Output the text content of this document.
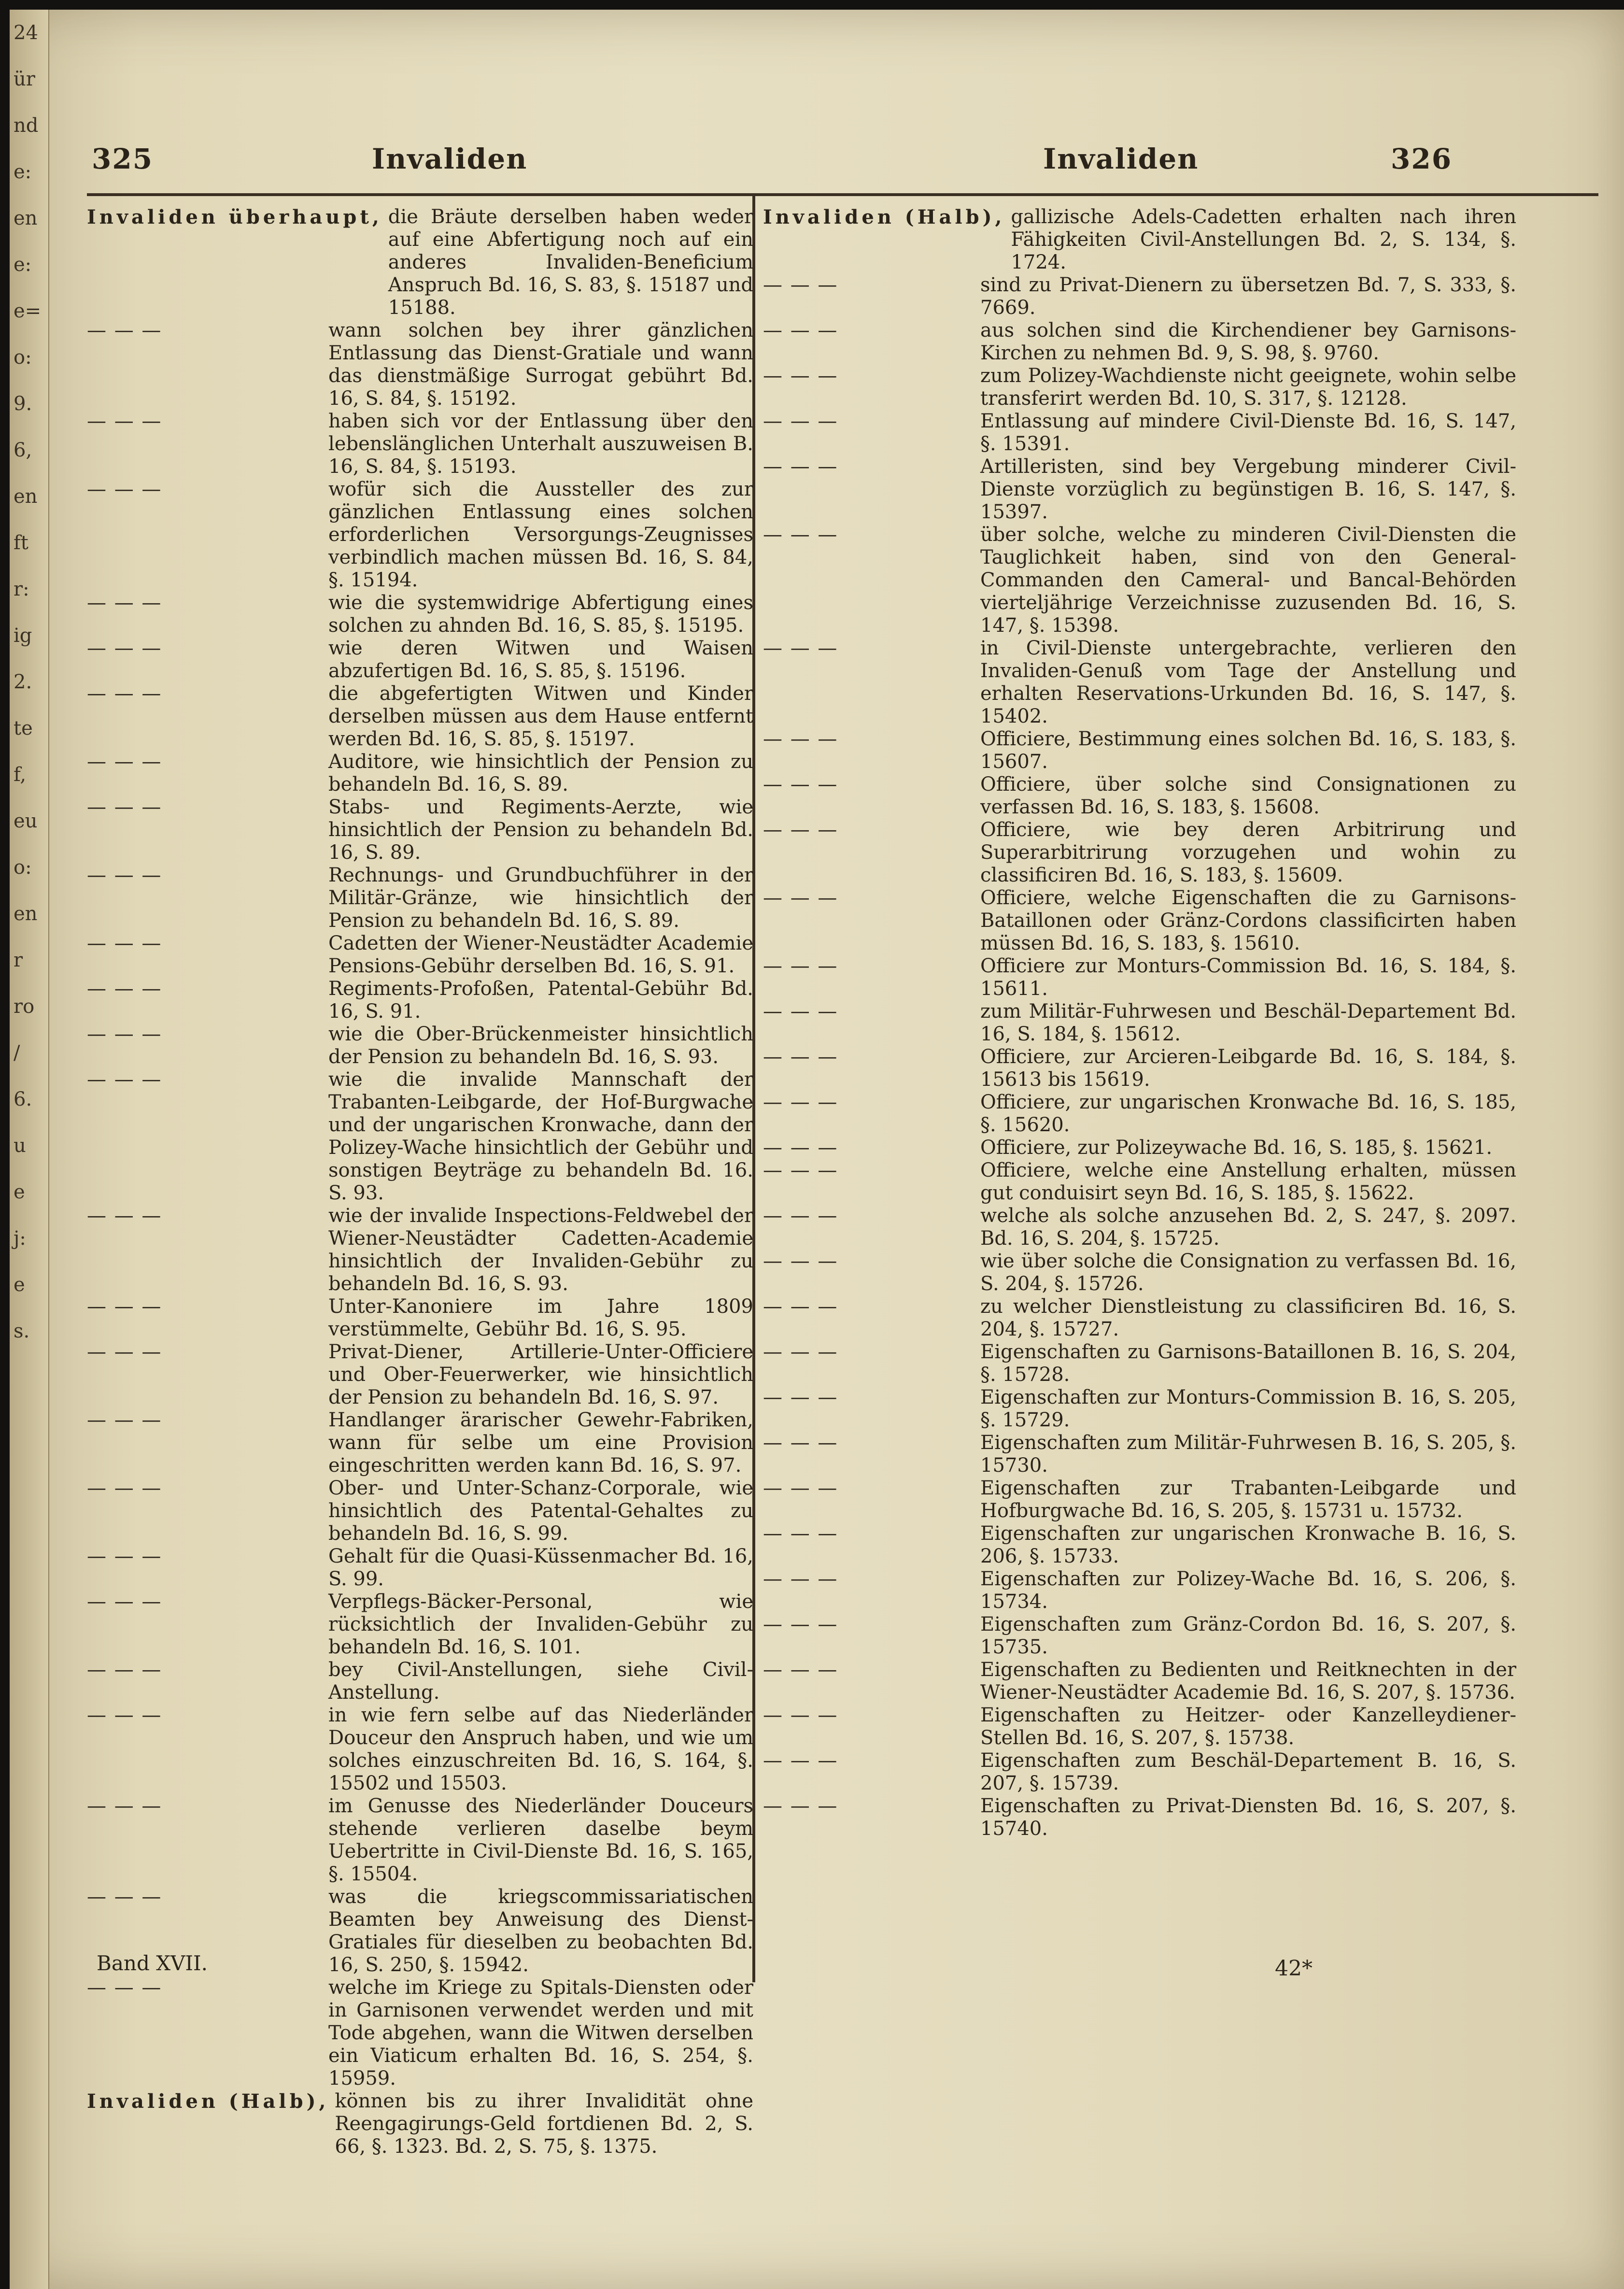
24
ür
nd
e:
en
e:
e=
o:
9.
6,
en
ft
r:
ig
2.
te
f,
eu
o:
en
r
ro
/
6.
u
e
j:
e
s.
325	Invaliden	Invaliden	326
Invaliden überhaupt, die Bräute derselben haben weder auf eine Abfertigung noch auf ein anderes Invaliden-Beneficium Anspruch Bd. 16, S. 83, §. 15187 und 15188.
— — —	wann solchen bey ihrer gänzlichen Entlassung das Dienst-Gratiale und wann das dienstmäßige Surrogat gebührt Bd. 16, S. 84, §. 15192.
— — —	haben sich vor der Entlassung über den lebenslänglichen Unterhalt auszuweisen B. 16, S. 84, §. 15193.
— — —	wofür sich die Aussteller des zur gänzlichen Entlassung eines solchen erforderlichen Versorgungs-Zeugnisses verbindlich machen müssen Bd. 16, S. 84, §. 15194.
— — —	wie die systemwidrige Abfertigung eines solchen zu ahnden Bd. 16, S. 85, §. 15195.
— — —	wie deren Witwen und Waisen abzufertigen Bd. 16, S. 85, §. 15196.
— — —	die abgefertigten Witwen und Kinder derselben müssen aus dem Hause entfernt werden Bd. 16, S. 85, §. 15197.
— — —	Auditore, wie hinsichtlich der Pension zu behandeln Bd. 16, S. 89.
— — —	Stabs- und Regiments-Aerzte, wie hinsichtlich der Pension zu behandeln Bd. 16, S. 89.
— — —	Rechnungs- und Grundbuchführer in der Militär-Gränze, wie hinsichtlich der Pension zu behandeln Bd. 16, S. 89.
— — —	Cadetten der Wiener-Neustädter Academie Pensions-Gebühr derselben Bd. 16, S. 91.
— — —	Regiments-Profoßen, Patental-Gebühr Bd. 16, S. 91.
— — —	wie die Ober-Brückenmeister hinsichtlich der Pension zu behandeln Bd. 16, S. 93.
— — —	wie die invalide Mannschaft der Trabanten-Leibgarde, der Hof-Burgwache und der ungarischen Kronwache, dann der Polizey-Wache hinsichtlich der Gebühr und sonstigen Beyträge zu behandeln Bd. 16. S. 93.
— — —	wie der invalide Inspections-Feldwebel der Wiener-Neustädter Cadetten-Academie hinsichtlich der Invaliden-Gebühr zu behandeln Bd. 16, S. 93.
— — —	Unter-Kanoniere im Jahre 1809 verstümmelte, Gebühr Bd. 16, S. 95.
— — —	Privat-Diener, Artillerie-Unter-Officiere und Ober-Feuerwerker, wie hinsichtlich der Pension zu behandeln Bd. 16, S. 97.
— — —	Handlanger ärarischer Gewehr-Fabriken, wann für selbe um eine Provision eingeschritten werden kann Bd. 16, S. 97.
— — —	Ober- und Unter-Schanz-Corporale, wie hinsichtlich des Patental-Gehaltes zu behandeln Bd. 16, S. 99.
— — —	Gehalt für die Quasi-Küssenmacher Bd. 16, S. 99.
— — —	Verpflegs-Bäcker-Personal, wie rücksichtlich der Invaliden-Gebühr zu behandeln Bd. 16, S. 101.
— — —	bey Civil-Anstellungen, siehe Civil-Anstellung.
— — —	in wie fern selbe auf das Niederländer Douceur den Anspruch haben, und wie um solches einzuschreiten Bd. 16, S. 164, §. 15502 und 15503.
— — —	im Genusse des Niederländer Douceurs stehende verlieren daselbe beym Uebertritte in Civil-Dienste Bd. 16, S. 165, §. 15504.
— — —	was die kriegscommissariatischen Beamten bey Anweisung des Dienst-Gratiales für dieselben zu beobachten Bd. 16, S. 250, §. 15942.
— — —	welche im Kriege zu Spitals-Diensten oder in Garnisonen verwendet werden und mit Tode abgehen, wann die Witwen derselben ein Viaticum erhalten Bd. 16, S. 254, §. 15959.
Invaliden (Halb), können bis zu ihrer Invalidität ohne Reengagirungs-Geld fortdienen Bd. 2, S. 66, §. 1323. Bd. 2, S. 75, §. 1375.
Invaliden (Halb), gallizische Adels-Cadetten erhalten nach ihren Fähigkeiten Civil-Anstellungen Bd. 2, S. 134, §. 1724.
— — —	sind zu Privat-Dienern zu übersetzen Bd. 7, S. 333, §. 7669.
— — —	aus solchen sind die Kirchendiener bey Garnisons-Kirchen zu nehmen Bd. 9, S. 98, §. 9760.
— — —	zum Polizey-Wachdienste nicht geeignete, wohin selbe transferirt werden Bd. 10, S. 317, §. 12128.
— — —	Entlassung auf mindere Civil-Dienste Bd. 16, S. 147, §. 15391.
— — —	Artilleristen, sind bey Vergebung minderer Civil-Dienste vorzüglich zu begünstigen B. 16, S. 147, §. 15397.
— — —	über solche, welche zu minderen Civil-Diensten die Tauglichkeit haben, sind von den General-Commanden den Cameral- und Bancal-Behörden vierteljährige Verzeichnisse zuzusenden Bd. 16, S. 147, §. 15398.
— — —	in Civil-Dienste untergebrachte, verlieren den Invaliden-Genuß vom Tage der Anstellung und erhalten Reservations-Urkunden Bd. 16, S. 147, §. 15402.
— — —	Officiere, Bestimmung eines solchen Bd. 16, S. 183, §. 15607.
— — —	Officiere, über solche sind Consignationen zu verfassen Bd. 16, S. 183, §. 15608.
— — —	Officiere, wie bey deren Arbitrirung und Superarbitrirung vorzugehen und wohin zu classificiren Bd. 16, S. 183, §. 15609.
— — —	Officiere, welche Eigenschaften die zu Garnisons-Bataillonen oder Gränz-Cordons classificirten haben müssen Bd. 16, S. 183, §. 15610.
— — —	Officiere zur Monturs-Commission Bd. 16, S. 184, §. 15611.
— — —	zum Militär-Fuhrwesen und Beschäl-Departement Bd. 16, S. 184, §. 15612.
— — —	Officiere, zur Arcieren-Leibgarde Bd. 16, S. 184, §. 15613 bis 15619.
— — —	Officiere, zur ungarischen Kronwache Bd. 16, S. 185, §. 15620.
— — —	Officiere, zur Polizeywache Bd. 16, S. 185, §. 15621.
— — —	Officiere, welche eine Anstellung erhalten, müssen gut conduisirt seyn Bd. 16, S. 185, §. 15622.
— — —	welche als solche anzusehen Bd. 2, S. 247, §. 2097. Bd. 16, S. 204, §. 15725.
— — —	wie über solche die Consignation zu verfassen Bd. 16, S. 204, §. 15726.
— — —	zu welcher Dienstleistung zu classificiren Bd. 16, S. 204, §. 15727.
— — —	Eigenschaften zu Garnisons-Bataillonen B. 16, S. 204, §. 15728.
— — —	Eigenschaften zur Monturs-Commission B. 16, S. 205, §. 15729.
— — —	Eigenschaften zum Militär-Fuhrwesen B. 16, S. 205, §. 15730.
— — —	Eigenschaften zur Trabanten-Leibgarde und Hofburgwache Bd. 16, S. 205, §. 15731 u. 15732.
— — —	Eigenschaften zur ungarischen Kronwache B. 16, S. 206, §. 15733.
— — —	Eigenschaften zur Polizey-Wache Bd. 16, S. 206, §. 15734.
— — —	Eigenschaften zum Gränz-Cordon Bd. 16, S. 207, §. 15735.
— — —	Eigenschaften zu Bedienten und Reitknechten in der Wiener-Neustädter Academie Bd. 16, S. 207, §. 15736.
— — —	Eigenschaften zu Heitzer- oder Kanzelleydiener-Stellen Bd. 16, S. 207, §. 15738.
— — —	Eigenschaften zum Beschäl-Departement B. 16, S. 207, §. 15739.
— — —	Eigenschaften zu Privat-Diensten Bd. 16, S. 207, §. 15740.
Band XVII.	42*
